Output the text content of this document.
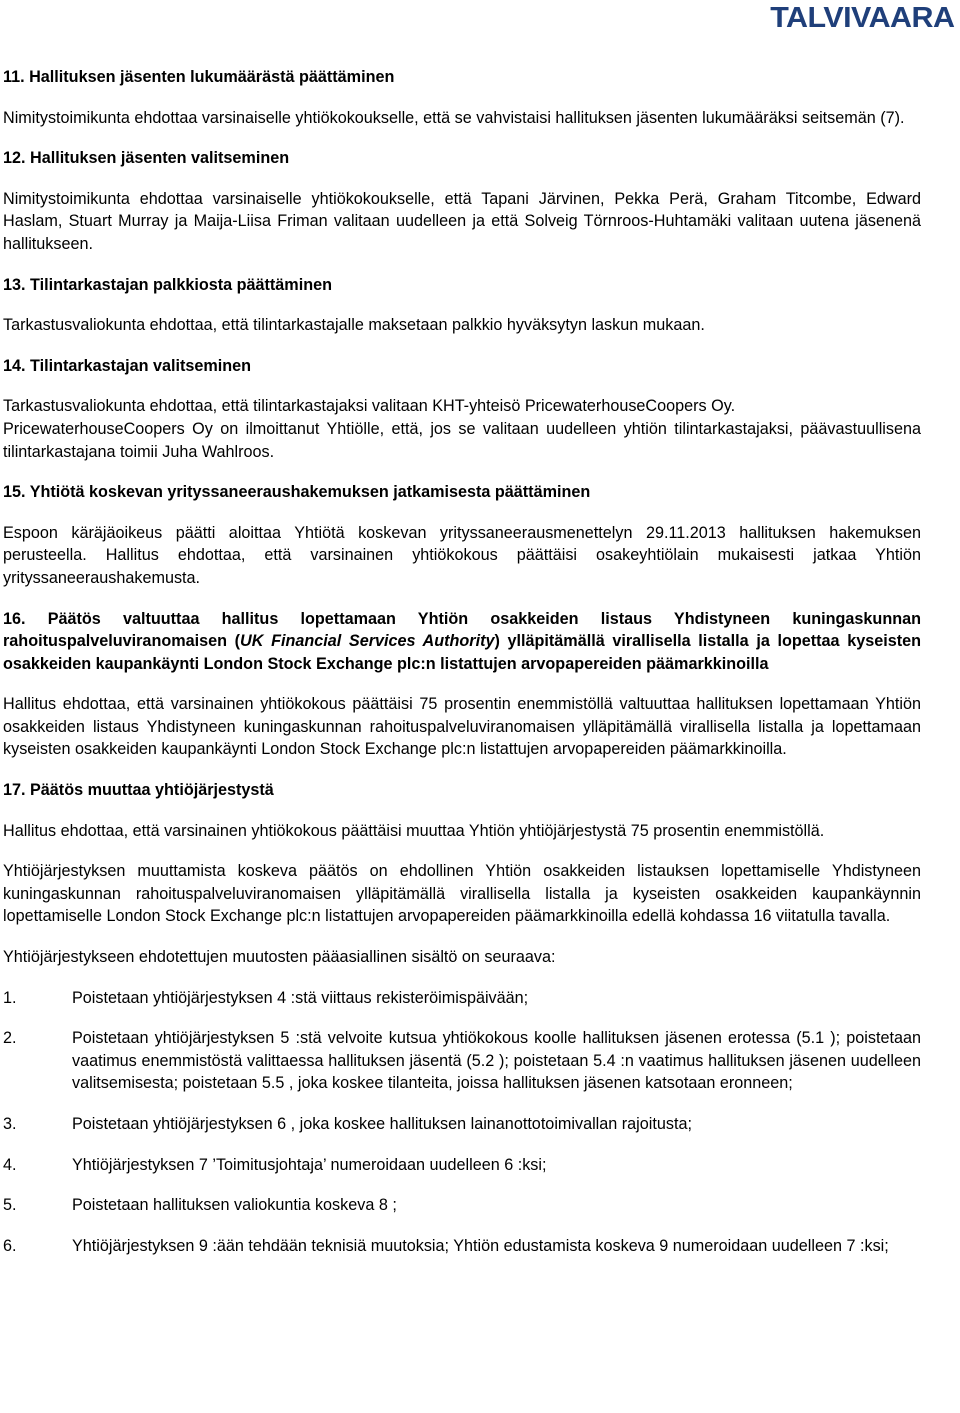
TALVIVAARA
11. Hallituksen jäsenten lukumäärästä päättäminen
Nimitystoimikunta ehdottaa varsinaiselle yhtiökokoukselle, että se vahvistaisi hallituksen jäsenten lukumääräksi seitsemän (7).
12. Hallituksen jäsenten valitseminen
Nimitystoimikunta ehdottaa varsinaiselle yhtiökokoukselle, että Tapani Järvinen, Pekka Perä, Graham Titcombe, Edward Haslam, Stuart Murray ja Maija-Liisa Friman valitaan uudelleen ja että Solveig Törnroos-Huhtamäki valitaan uutena jäsenenä hallitukseen.
13. Tilintarkastajan palkkiosta päättäminen
Tarkastusvaliokunta ehdottaa, että tilintarkastajalle maksetaan palkkio hyväksytyn laskun mukaan.
14. Tilintarkastajan valitseminen
Tarkastusvaliokunta ehdottaa, että tilintarkastajaksi valitaan KHT-yhteisö PricewaterhouseCoopers Oy.
PricewaterhouseCoopers Oy on ilmoittanut Yhtiölle, että, jos se valitaan uudelleen yhtiön tilintarkastajaksi, päävastuullisena tilintarkastajana toimii Juha Wahlroos.
15. Yhtiötä koskevan yrityssaneeraushakemuksen jatkamisesta päättäminen
Espoon käräjäoikeus päätti aloittaa Yhtiötä koskevan yrityssaneerausmenettelyn 29.11.2013 hallituksen hakemuksen perusteella. Hallitus ehdottaa, että varsinainen yhtiökokous päättäisi osakeyhtiölain mukaisesti jatkaa Yhtiön yrityssaneeraushakemusta.
16. Päätös valtuuttaa hallitus lopettamaan Yhtiön osakkeiden listaus Yhdistyneen kuningaskunnan rahoituspalveluviranomaisen (UK Financial Services Authority) ylläpitämällä virallisella listalla ja lopettaa kyseisten osakkeiden kaupankäynti London Stock Exchange plc:n listattujen arvopapereiden päämarkkinoilla
Hallitus ehdottaa, että varsinainen yhtiökokous päättäisi 75 prosentin enemmistöllä valtuuttaa hallituksen lopettamaan Yhtiön osakkeiden listaus Yhdistyneen kuningaskunnan rahoituspalveluviranomaisen ylläpitämällä virallisella listalla ja lopettamaan kyseisten osakkeiden kaupankäynti London Stock Exchange plc:n listattujen arvopapereiden päämarkkinoilla.
17. Päätös muuttaa yhtiöjärjestystä
Hallitus ehdottaa, että varsinainen yhtiökokous päättäisi muuttaa Yhtiön yhtiöjärjestystä 75 prosentin enemmistöllä.
Yhtiöjärjestyksen muuttamista koskeva päätös on ehdollinen Yhtiön osakkeiden listauksen lopettamiselle Yhdistyneen kuningaskunnan rahoituspalveluviranomaisen ylläpitämällä virallisella listalla ja kyseisten osakkeiden kaupankäynnin lopettamiselle London Stock Exchange plc:n listattujen arvopapereiden päämarkkinoilla edellä kohdassa 16 viitatulla tavalla.
Yhtiöjärjestykseen ehdotettujen muutosten pääasiallinen sisältö on seuraava:
1.	Poistetaan yhtiöjärjestyksen 4 :stä viittaus rekisteröimispäivään;
2.	Poistetaan yhtiöjärjestyksen 5 :stä velvoite kutsua yhtiökokous koolle hallituksen jäsenen erotessa (5.1 ); poistetaan vaatimus enemmistöstä valittaessa hallituksen jäsentä (5.2 ); poistetaan 5.4 :n vaatimus hallituksen jäsenen uudelleen valitsemisesta; poistetaan 5.5 , joka koskee tilanteita, joissa hallituksen jäsenen katsotaan eronneen;
3.	Poistetaan yhtiöjärjestyksen 6 , joka koskee hallituksen lainanottotoimivallan rajoitusta;
4.	Yhtiöjärjestyksen 7 ’Toimitusjohtaja’ numeroidaan uudelleen 6 :ksi;
5.	Poistetaan hallituksen valiokuntia koskeva 8 ;
6.	Yhtiöjärjestyksen 9 :ään tehdään teknisiä muutoksia; Yhtiön edustamista koskeva 9 numeroidaan uudelleen 7 :ksi;
